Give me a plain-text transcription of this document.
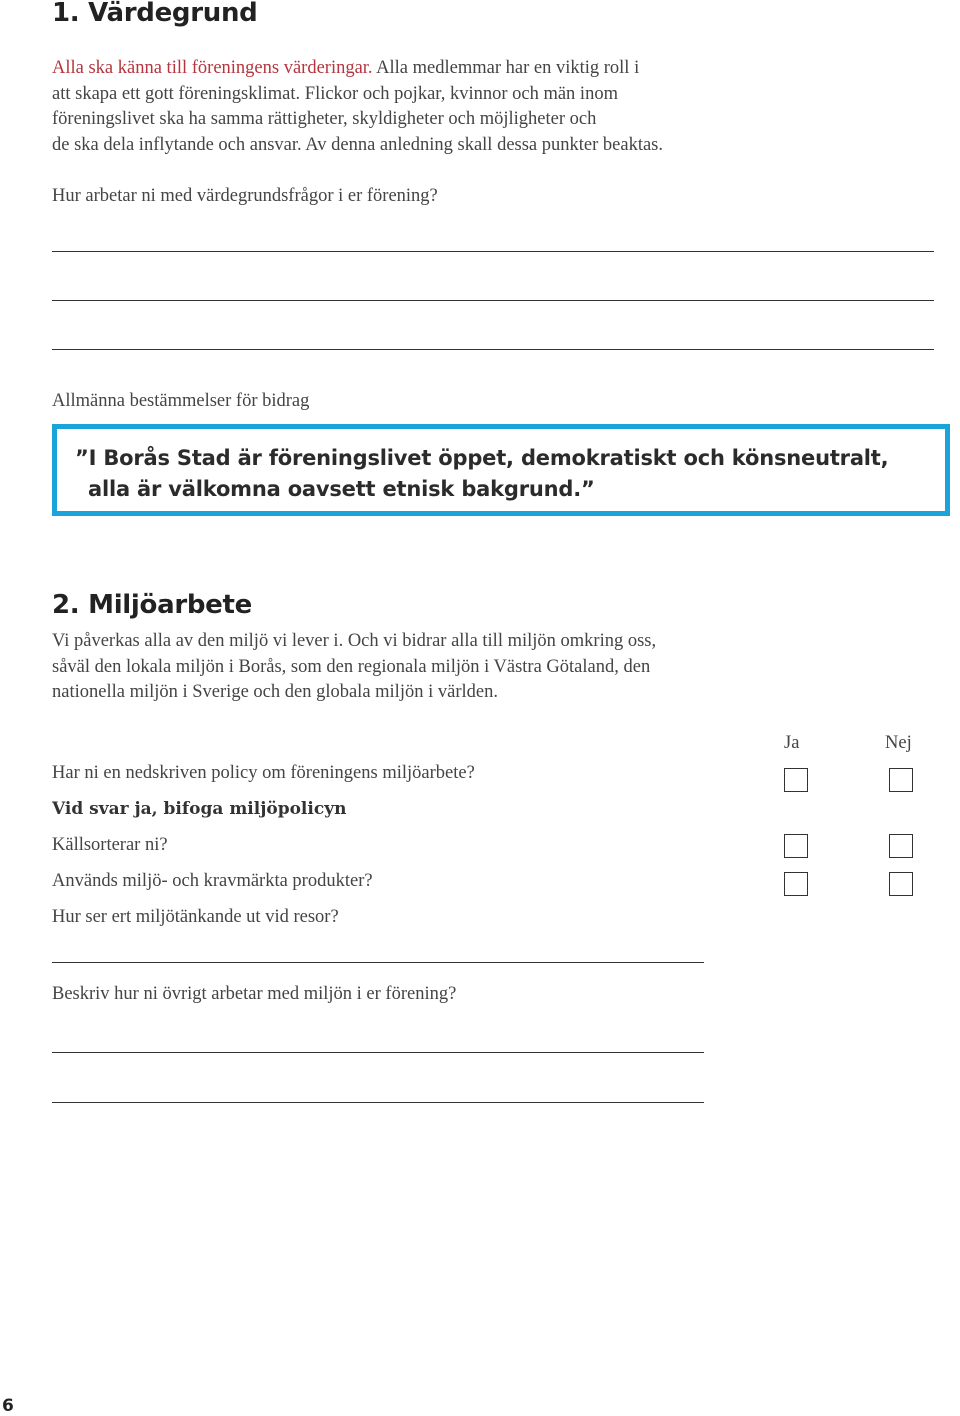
1. Värdegrund
Alla ska känna till föreningens värderingar. Alla medlemmar har en viktig roll i
att skapa ett gott föreningsklimat. Flickor och pojkar, kvinnor och män inom
föreningslivet ska ha samma rättigheter, skyldigheter och möjligheter och
de ska dela inflytande och ansvar. Av denna anledning skall dessa punkter beaktas.
Hur arbetar ni med värdegrundsfrågor i er förening?
Allmänna bestämmelser för bidrag
”I Borås Stad är föreningslivet öppet, demokratiskt och könsneutralt,
alla är välkomna oavsett etnisk bakgrund.”
2. Miljöarbete
Vi påverkas alla av den miljö vi lever i. Och vi bidrar alla till miljön omkring oss,
såväl den lokala miljön i Borås, som den regionala miljön i Västra Götaland, den
nationella miljön i Sverige och den globala miljön i världen.
Ja	Nej
Har ni en nedskriven policy om föreningens miljöarbete?
Vid svar ja, bifoga miljöpolicyn
Källsorterar ni?
Används miljö- och kravmärkta produkter?
Hur ser ert miljötänkande ut vid resor?
Beskriv hur ni övrigt arbetar med miljön i er förening?
6
